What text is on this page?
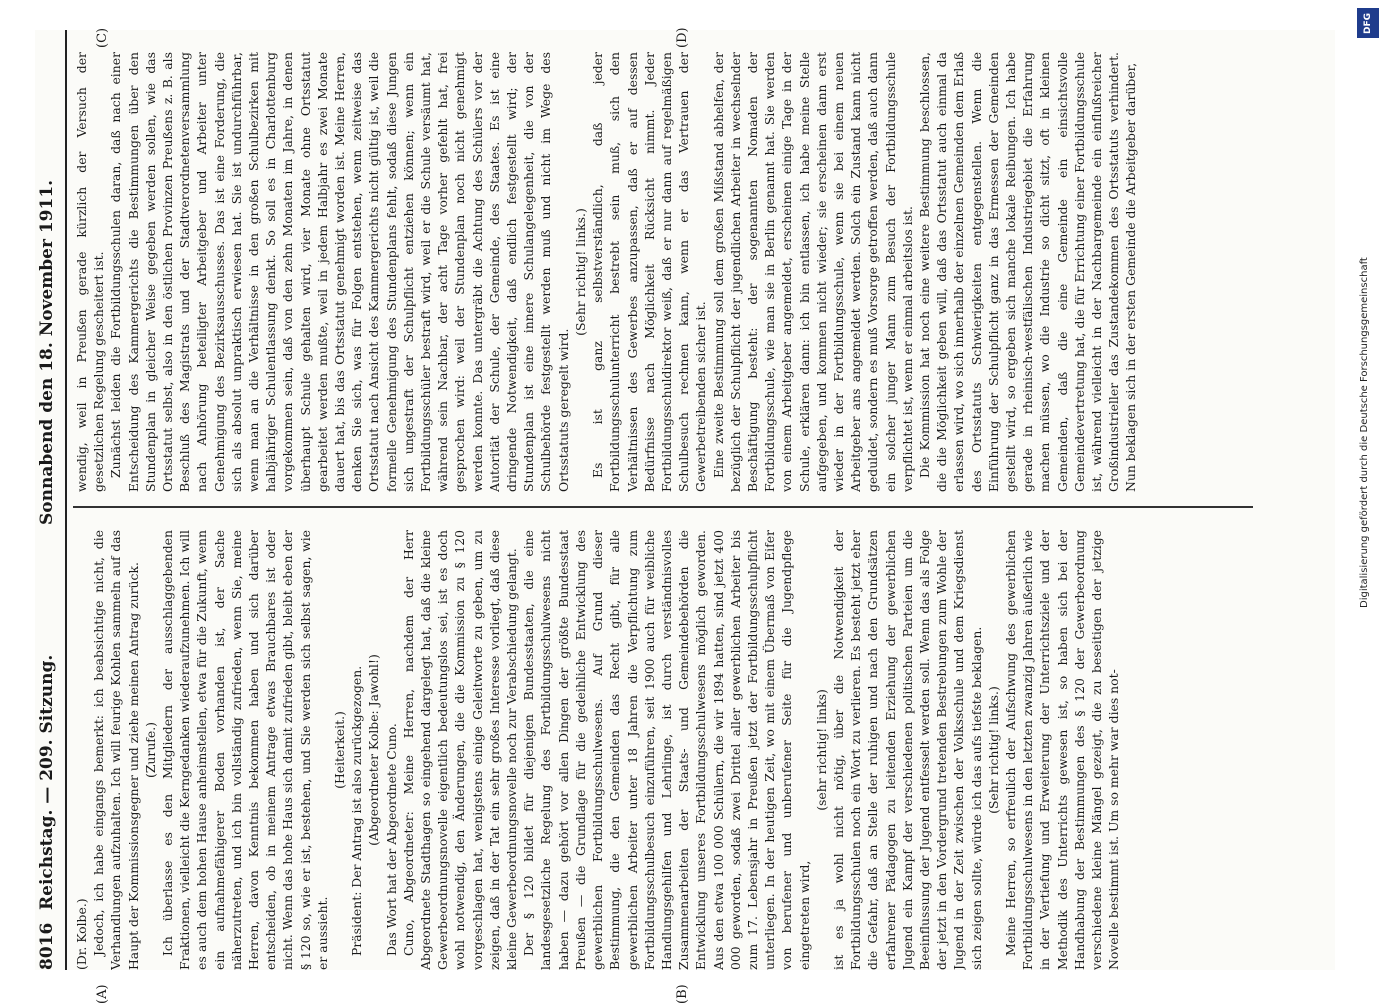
8016
Reichstag. — 209. Sitzung.
Sonnabend den 18. November 1911.
(A)	(B)
(C)	(D)

(Dr. Kolbe.) Jedoch, ich habe eingangs bemerkt: ich beabsichtige nicht, die Verhandlungen aufzuhalten. Ich will feurige Kohlen sammeln auf das Haupt der Kommissionsgegner und ziehe meinen Antrag zurück. (Zurufe.) Ich überlasse es den Mitgliedern der ausschlaggebenden Fraktionen, vielleicht die Kerngedanken wiederaufzunehmen. Ich will es auch dem hohen Hause anheimstellen, etwa für die Zukunft, wenn ein aufnahmefähigerer Boden vorhanden ist, der Sache näherzutreten, und ich bin vollständig zufrieden, wenn Sie, meine Herren, davon Kenntnis bekommen haben und sich darüber entscheiden, ob in meinem Antrage etwas Brauchbares ist oder nicht. Wenn das hohe Haus sich damit zufrieden gibt, bleibt eben der § 120 so, wie er ist, bestehen, und Sie werden sich selbst sagen, wie er aussieht.

(Heiterkeit.) Präsident: Der Antrag ist also zurückgezogen. (Abgeordneter Kolbe: Jawohl!) Das Wort hat der Abgeordnete Cuno. Cuno, Abgeordneter: Meine Herren, nachdem der Herr Abgeordnete Stadthagen so eingehend dargelegt hat, daß die kleine Gewerbeordnungsnovelle eigentlich bedeutungslos sei, ist es doch wohl notwendig, den Änderungen, die die Kommission zu § 120 vorgeschlagen hat, wenigstens einige Geleitworte zu geben, um zu zeigen, daß in der Tat ein sehr großes Interesse vorliegt, daß diese kleine Gewerbeordnungsnovelle noch zur Verabschiedung gelangt. Der § 120 bildet für diejenigen Bundesstaaten, die eine landesgesetzliche Regelung des Fortbildungsschulwesens nicht haben — dazu gehört vor allen Dingen der größte Bundesstaat Preußen — die Grundlage für die gedeihliche Entwicklung des gewerblichen Fortbildungsschulwesens. Auf Grund dieser Bestimmung, die den Gemeinden das Recht gibt, für alle gewerblichen Arbeiter unter 18 Jahren die Verpflichtung zum Fortbildungsschulbesuch einzuführen, seit 1900 auch für weibliche Handlungsgehilfen und Lehrlinge, ist durch verständnisvolles Zusammenarbeiten der Staats- und Gemeindebehörden die Entwicklung unseres Fortbildungsschulwesens möglich geworden. Aus den etwa 100 000 Schülern, die wir 1894 hatten, sind jetzt 400 000 geworden, sodaß zwei Drittel aller gewerblichen Arbeiter bis zum 17. Lebensjahr in Preußen jetzt der Fortbildungsschulpflicht unterliegen. In der heutigen Zeit, wo mit einem Übermaß von Eifer von berufener und unberufener Seite für die Jugendpflege eingetreten wird,

(sehr richtig! links) ist es ja wohl nicht nötig, über die Notwendigkeit der Fortbildungsschulen noch ein Wort zu verlieren. Es besteht jetzt eher die Gefahr, daß an Stelle der ruhigen und nach den Grundsätzen erfahrener Pädagogen zu leitenden Erziehung der gewerblichen Jugend ein Kampf der verschiedenen politischen Parteien um die Beeinflussung der Jugend entfesselt werden soll. Wenn das als Folge der jetzt in den Vordergrund tretenden Bestrebungen zum Wohle der Jugend in der Zeit zwischen der Volksschule und dem Kriegsdienst sich zeigen sollte, würde ich das aufs tiefste beklagen. (Sehr richtig! links.) Meine Herren, so erfreulich der Aufschwung des gewerblichen Fortbildungsschulwesens in den letzten zwanzig Jahren äußerlich wie in der Vertiefung und Erweiterung der Unterrichtsziele und der Methodik des Unterrichts gewesen ist, so haben sich bei der Handhabung der Bestimmungen des § 120 der Gewerbeordnung verschiedene kleine Mängel gezeigt, die zu beseitigen der jetzige Novelle bestimmt ist. Um so mehr war dies not-

wendig, weil in Preußen gerade kürzlich der Versuch der gesetzlichen Regelung gescheitert ist. Zunächst leiden die Fortbildungsschulen daran, daß nach einer Entscheidung des Kammergerichts die Bestimmungen über den Stundenplan in gleicher Weise gegeben werden sollen, wie das Ortsstatut selbst, also in den östlichen Provinzen Preußens z. B. als Beschluß des Magistrats und der Stadtverordnetenversammlung nach Anhörung beteiligter Arbeitgeber und Arbeiter unter Genehmigung des Bezirksausschusses. Das ist eine Forderung, die sich als absolut unpraktisch erwiesen hat. Sie ist undurchführbar, wenn man an die Verhältnisse in den großen Schulbezirken mit halbjähriger Schulentlassung denkt. So soll es in Charlottenburg vorgekommen sein, daß von den zehn Monaten im Jahre, in denen überhaupt Schule gehalten wird, vier Monate ohne Ortsstatut gearbeitet werden mußte, weil in jedem Halbjahr es zwei Monate dauert hat, bis das Ortsstatut genehmigt worden ist. Meine Herren, denken Sie sich, was für Folgen entstehen, wenn zeitweise das Ortsstatut nach Ansicht des Kammergerichts nicht gültig ist, weil die formelle Genehmigung des Stundenplans fehlt, sodaß diese Jungen sich ungestraft der Schulpflicht entziehen können; wenn ein Fortbildungsschüler bestraft wird, weil er die Schule versäumt hat, während sein Nachbar, der acht Tage vorher gefehlt hat, frei gesprochen wird: weil der Stundenplan noch nicht genehmigt werden konnte. Das untergräbt die Achtung des Schülers vor der Autorität der Schule, der Gemeinde, des Staates. Es ist eine dringende Notwendigkeit, daß endlich festgestellt wird; der Stundenplan ist eine innere Schulangelegenheit, die von der Schulbehörde festgestellt werden muß und nicht im Wege des Ortsstatuts geregelt wird.

(Sehr richtig! links.) Es ist ganz selbstverständlich, daß jeder Fortbildungsschulunterricht bestrebt sein muß, sich den Verhältnissen des Gewerbes anzupassen, daß er auf dessen Bedürfnisse nach Möglichkeit Rücksicht nimmt. Jeder Fortbildungsschuldirektor weiß, daß er nur dann auf regelmäßigen Schulbesuch rechnen kann, wenn er das Vertrauen der Gewerbetreibenden sicher ist. Eine zweite Bestimmung soll dem großen Mißstand abhelfen, der bezüglich der Schulpflicht der jugendlichen Arbeiter in wechselnder Beschäftigung besteht: der sogenannten Nomaden der Fortbildungsschule, wie man sie in Berlin genannt hat. Sie werden von einem Arbeitgeber angemeldet, erscheinen einige Tage in der Schule, erklären dann: ich bin entlassen, ich habe meine Stelle aufgegeben, und kommen nicht wieder; sie erscheinen dann erst wieder in der Fortbildungsschule, wenn sie bei einem neuen Arbeitgeber ans angemeldet werden. Solch ein Zustand kann nicht geduldet, sondern es muß Vorsorge getroffen werden, daß auch dann ein solcher junger Mann zum Besuch der Fortbildungsschule verpflichtet ist, wenn er einmal arbeitslos ist. Die Kommission hat noch eine weitere Bestimmung beschlossen, die die Möglichkeit geben will, daß das Ortsstatut auch einmal da erlassen wird, wo sich innerhalb der einzelnen Gemeinden dem Erlaß des Ortsstatuts Schwierigkeiten entgegenstellen. Wenn die Einführung der Schulpflicht ganz in das Ermessen der Gemeinden gestellt wird, so ergeben sich manche lokale Reibungen. Ich habe gerade in rheinisch-westfälischen Industriegebiet die Erfahrung machen müssen, wo die Industrie so dicht sitzt, oft in kleinen Gemeinden, daß die eine Gemeinde ein einsichtsvolle Gemeindevertretung hat, die für Errichtung einer Fortbildungsschule ist, während vielleicht in der Nachbargemeinde ein einflußreicher Großindustrieller das Zustandekommen des Ortsstatuts verhindert. Nun beklagen sich in der ersten Gemeinde die Arbeitgeber darüber,

DFG
Digitalisierung gefördert durch die Deutsche Forschungsgemeinschaft
